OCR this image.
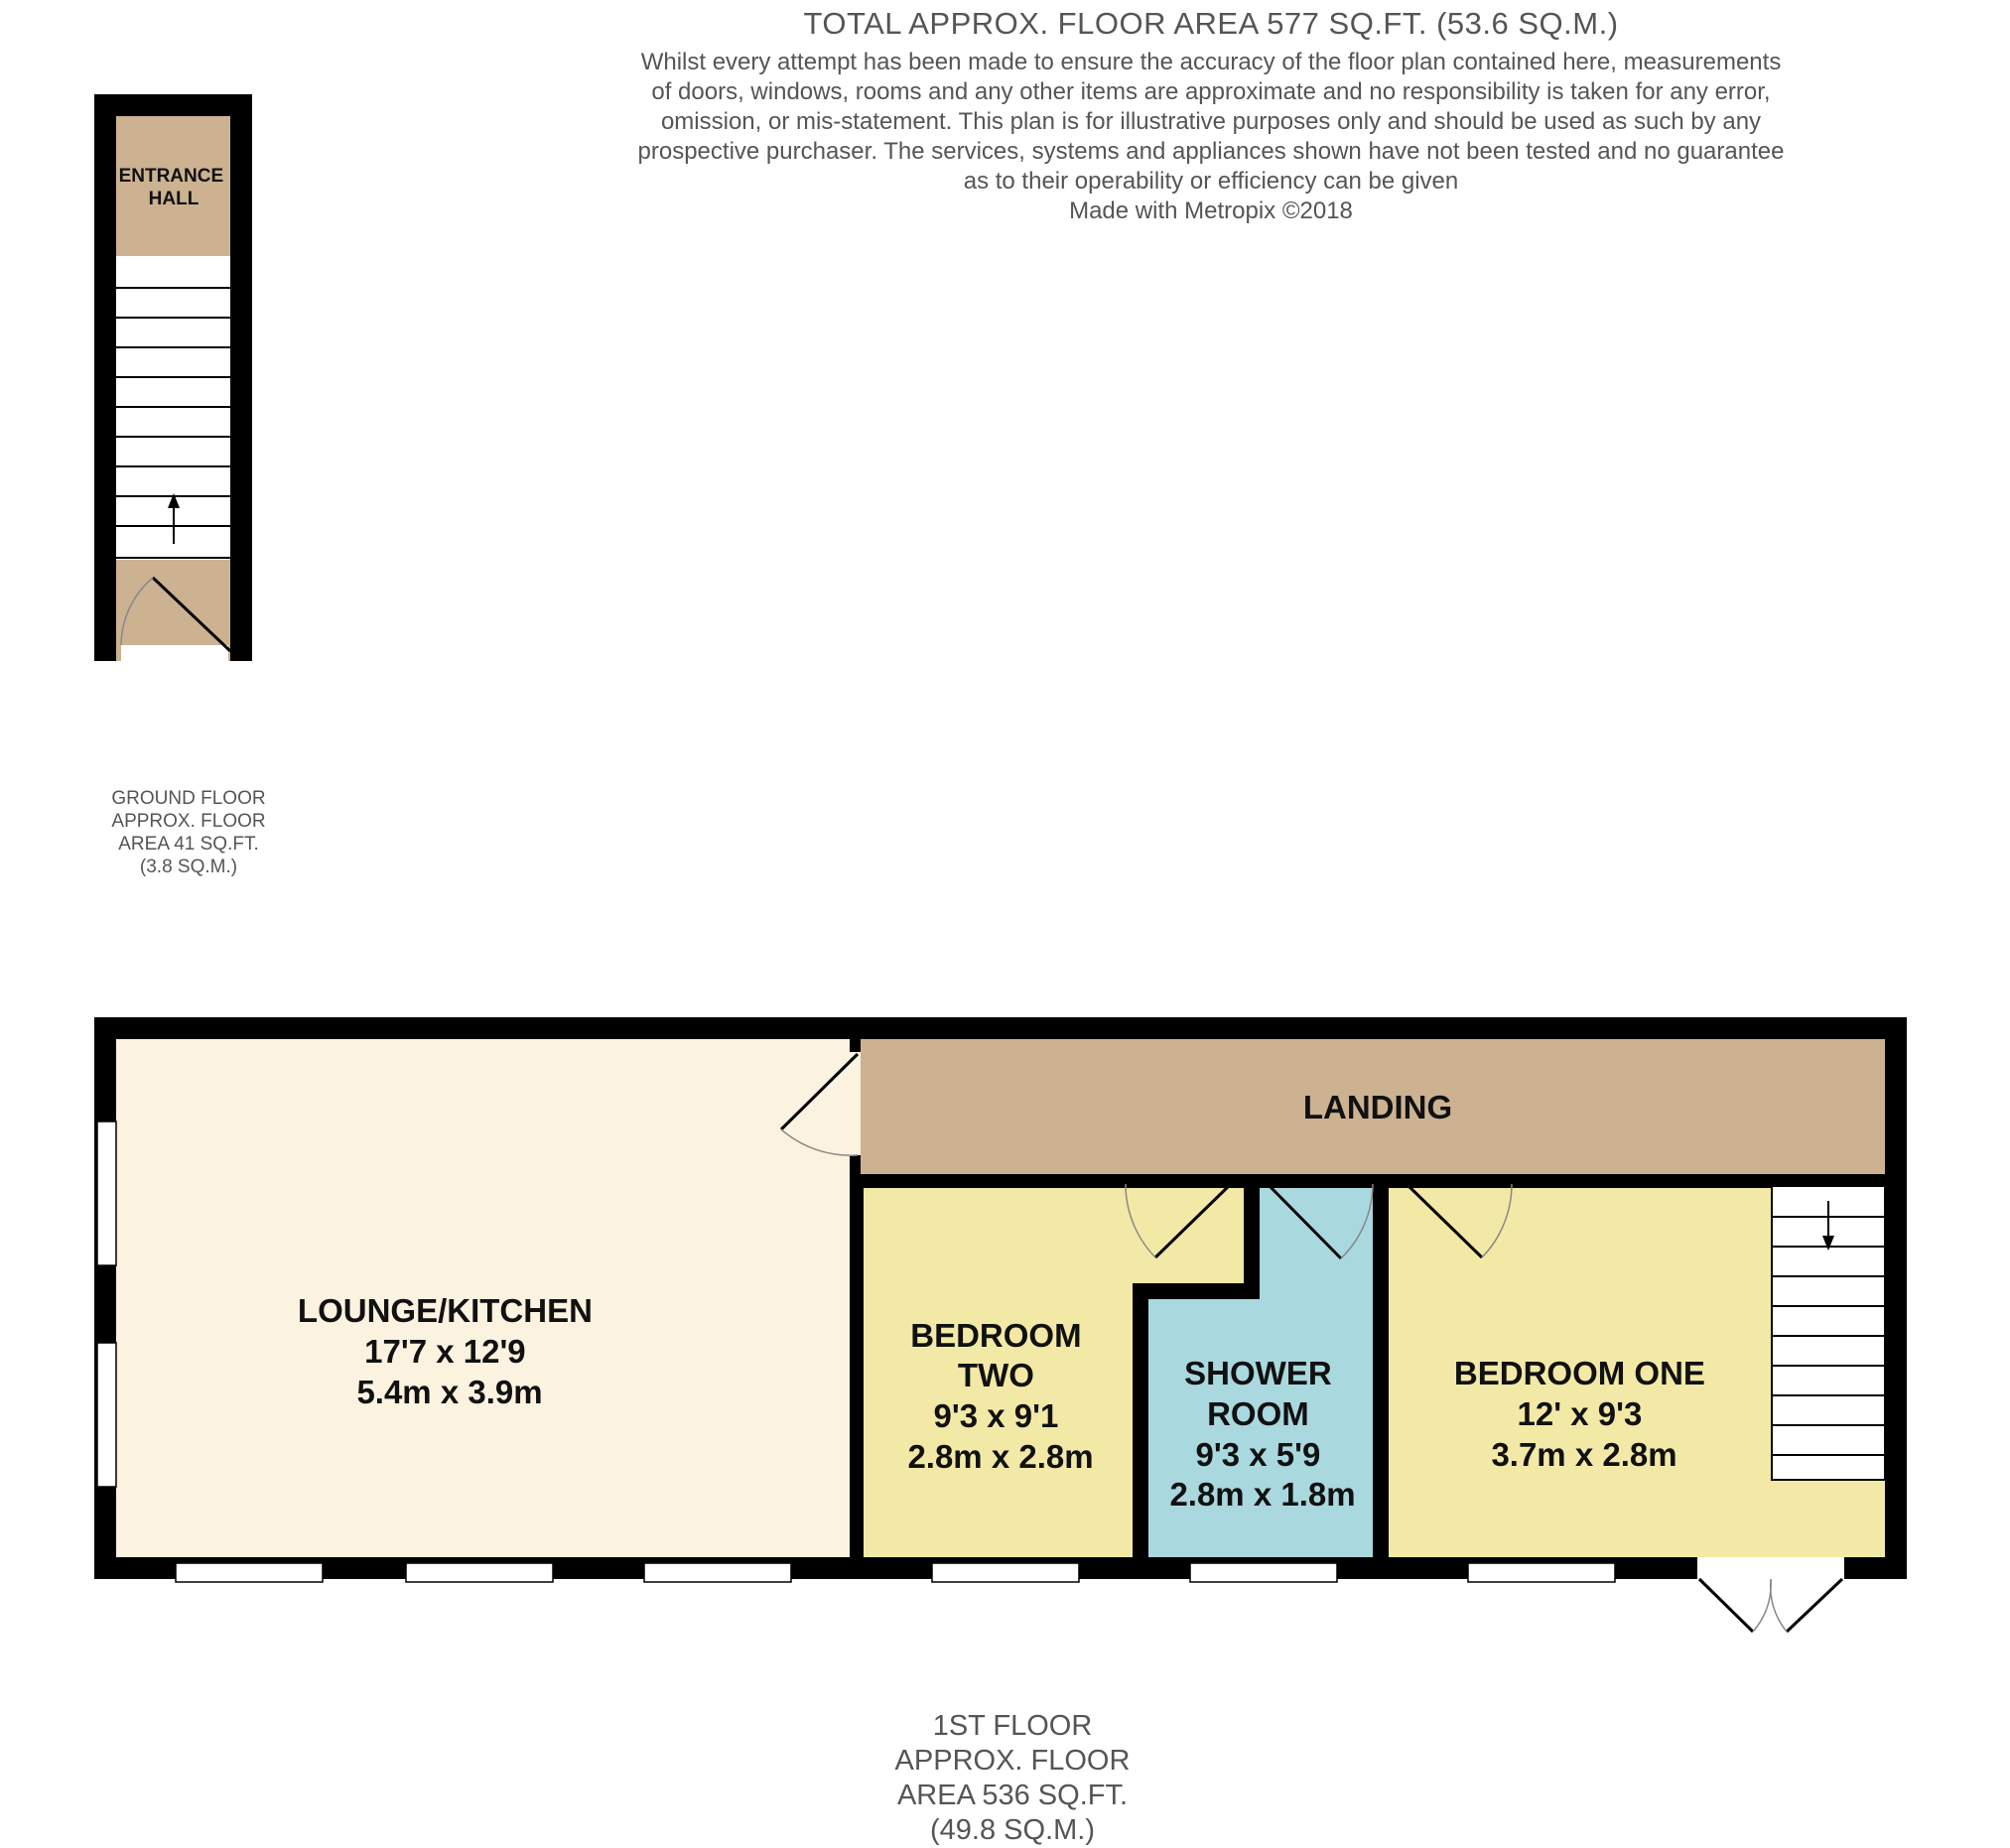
TOTAL APPROX. FLOOR AREA 577 SQ.FT. (53.6 SQ.M.)
Whilst every attempt has been made to ensure the accuracy of the floor plan contained here, measurements
of doors, windows, rooms and any other items are approximate and no responsibility is taken for any error,
omission, or mis-statement. This plan is for illustrative purposes only and should be used as such by any
prospective purchaser. The services, systems and appliances shown have not been tested and no guarantee
as to their operability or efficiency can be given
Made with Metropix ©2018
ENTRANCE HALL
LOUNGE/KITCHEN 17'7 x 12'9 5.4m x 3.9m
LANDING
BEDROOM TWO 9'3 x 9'1 2.8m x 2.8m
SHOWER ROOM 9'3 x 5'9 2.8m x 1.8m
BEDROOM ONE 12' x 9'3 3.7m x 2.8m
GROUND FLOOR
APPROX. FLOOR
AREA 41 SQ.FT.
(3.8 SQ.M.)
1ST FLOOR
APPROX. FLOOR
AREA 536 SQ.FT.
(49.8 SQ.M.)
